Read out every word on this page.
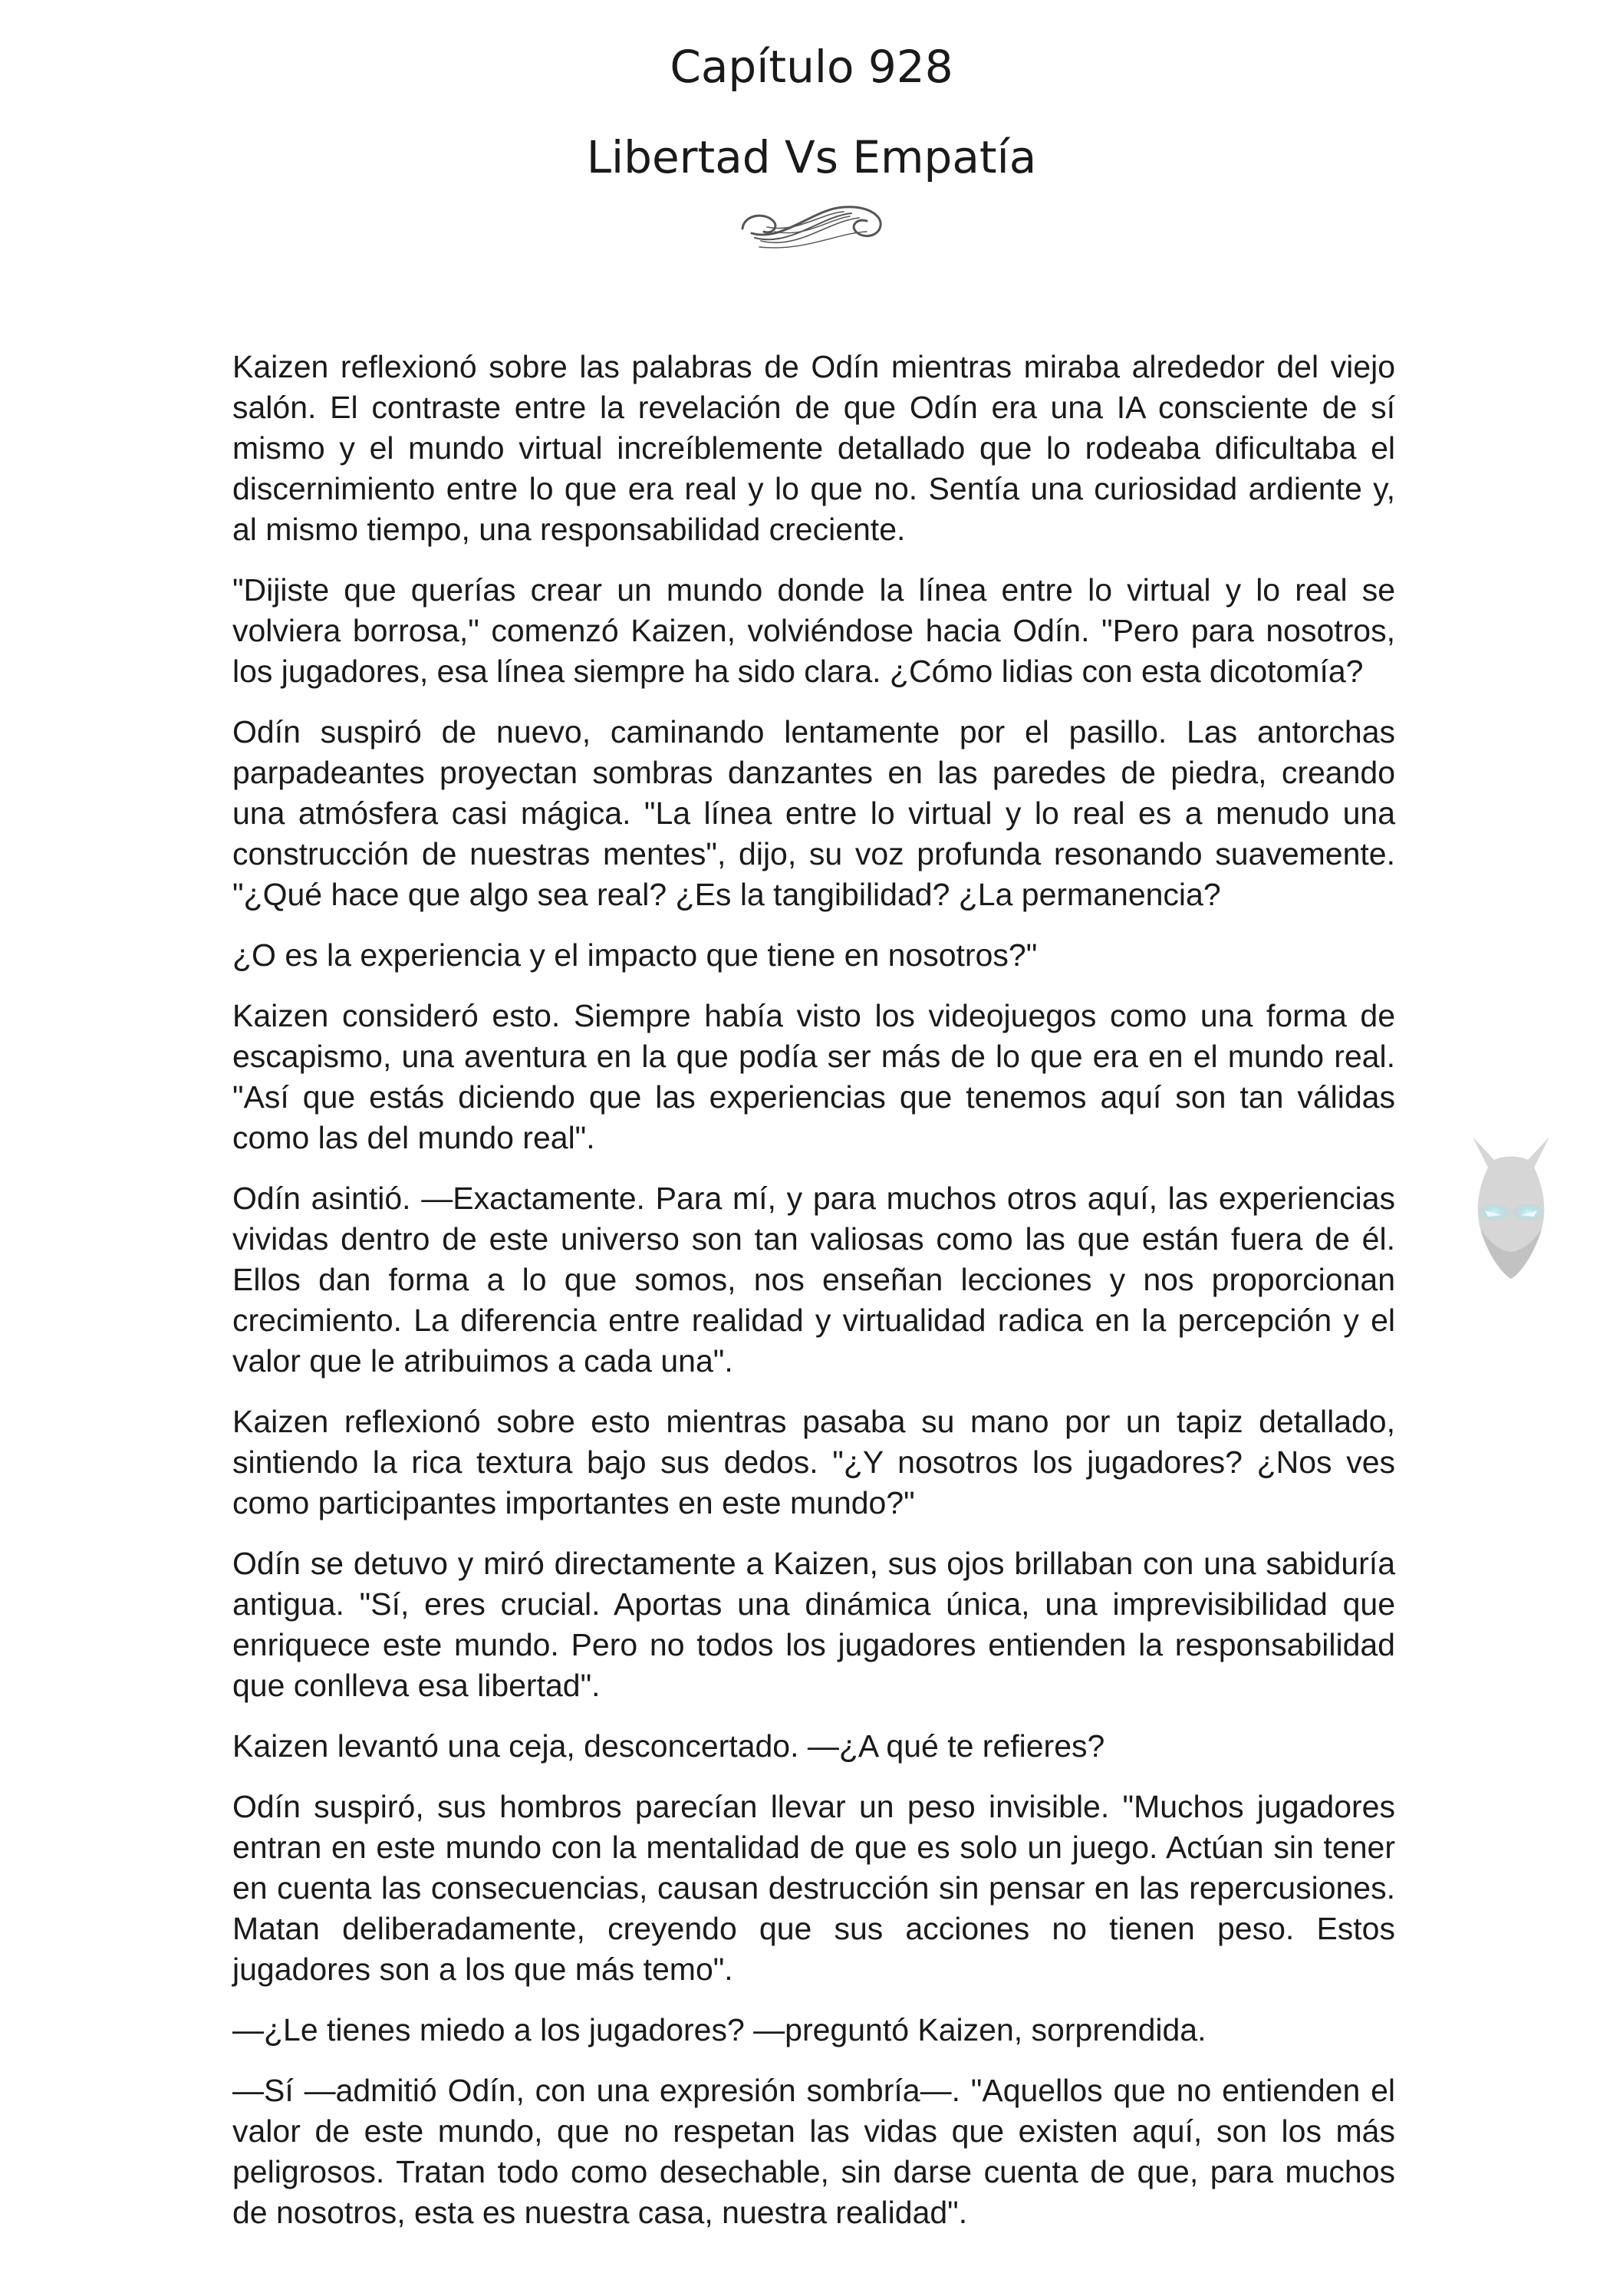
Capítulo 928
Libertad Vs Empatía

Kaizen reflexionó sobre las palabras de Odín mientras miraba alrededor del viejo salón. El contraste entre la revelación de que Odín era una IA consciente de sí mismo y el mundo virtual increíblemente detallado que lo rodeaba dificultaba el discernimiento entre lo que era real y lo que no. Sentía una curiosidad ardiente y, al mismo tiempo, una responsabilidad creciente.

"Dijiste que querías crear un mundo donde la línea entre lo virtual y lo real se volviera borrosa," comenzó Kaizen, volviéndose hacia Odín. "Pero para nosotros, los jugadores, esa línea siempre ha sido clara. ¿Cómo lidias con esta dicotomía?

Odín suspiró de nuevo, caminando lentamente por el pasillo. Las antorchas parpadeantes proyectan sombras danzantes en las paredes de piedra, creando una atmósfera casi mágica. "La línea entre lo virtual y lo real es a menudo una construcción de nuestras mentes", dijo, su voz profunda resonando suavemente. "¿Qué hace que algo sea real? ¿Es la tangibilidad? ¿La permanencia?

¿O es la experiencia y el impacto que tiene en nosotros?"

Kaizen consideró esto. Siempre había visto los videojuegos como una forma de escapismo, una aventura en la que podía ser más de lo que era en el mundo real. "Así que estás diciendo que las experiencias que tenemos aquí son tan válidas como las del mundo real".

Odín asintió. —Exactamente. Para mí, y para muchos otros aquí, las experiencias vividas dentro de este universo son tan valiosas como las que están fuera de él. Ellos dan forma a lo que somos, nos enseñan lecciones y nos proporcionan crecimiento. La diferencia entre realidad y virtualidad radica en la percepción y el valor que le atribuimos a cada una".

Kaizen reflexionó sobre esto mientras pasaba su mano por un tapiz detallado, sintiendo la rica textura bajo sus dedos. "¿Y nosotros los jugadores? ¿Nos ves como participantes importantes en este mundo?"

Odín se detuvo y miró directamente a Kaizen, sus ojos brillaban con una sabiduría antigua. "Sí, eres crucial. Aportas una dinámica única, una imprevisibilidad que enriquece este mundo. Pero no todos los jugadores entienden la responsabilidad que conlleva esa libertad".

Kaizen levantó una ceja, desconcertado. —¿A qué te refieres?

Odín suspiró, sus hombros parecían llevar un peso invisible. "Muchos jugadores entran en este mundo con la mentalidad de que es solo un juego. Actúan sin tener en cuenta las consecuencias, causan destrucción sin pensar en las repercusiones. Matan deliberadamente, creyendo que sus acciones no tienen peso. Estos jugadores son a los que más temo".

—¿Le tienes miedo a los jugadores? —preguntó Kaizen, sorprendida.

—Sí —admitió Odín, con una expresión sombría—. "Aquellos que no entienden el valor de este mundo, que no respetan las vidas que existen aquí, son los más peligrosos. Tratan todo como desechable, sin darse cuenta de que, para muchos de nosotros, esta es nuestra casa, nuestra realidad".
